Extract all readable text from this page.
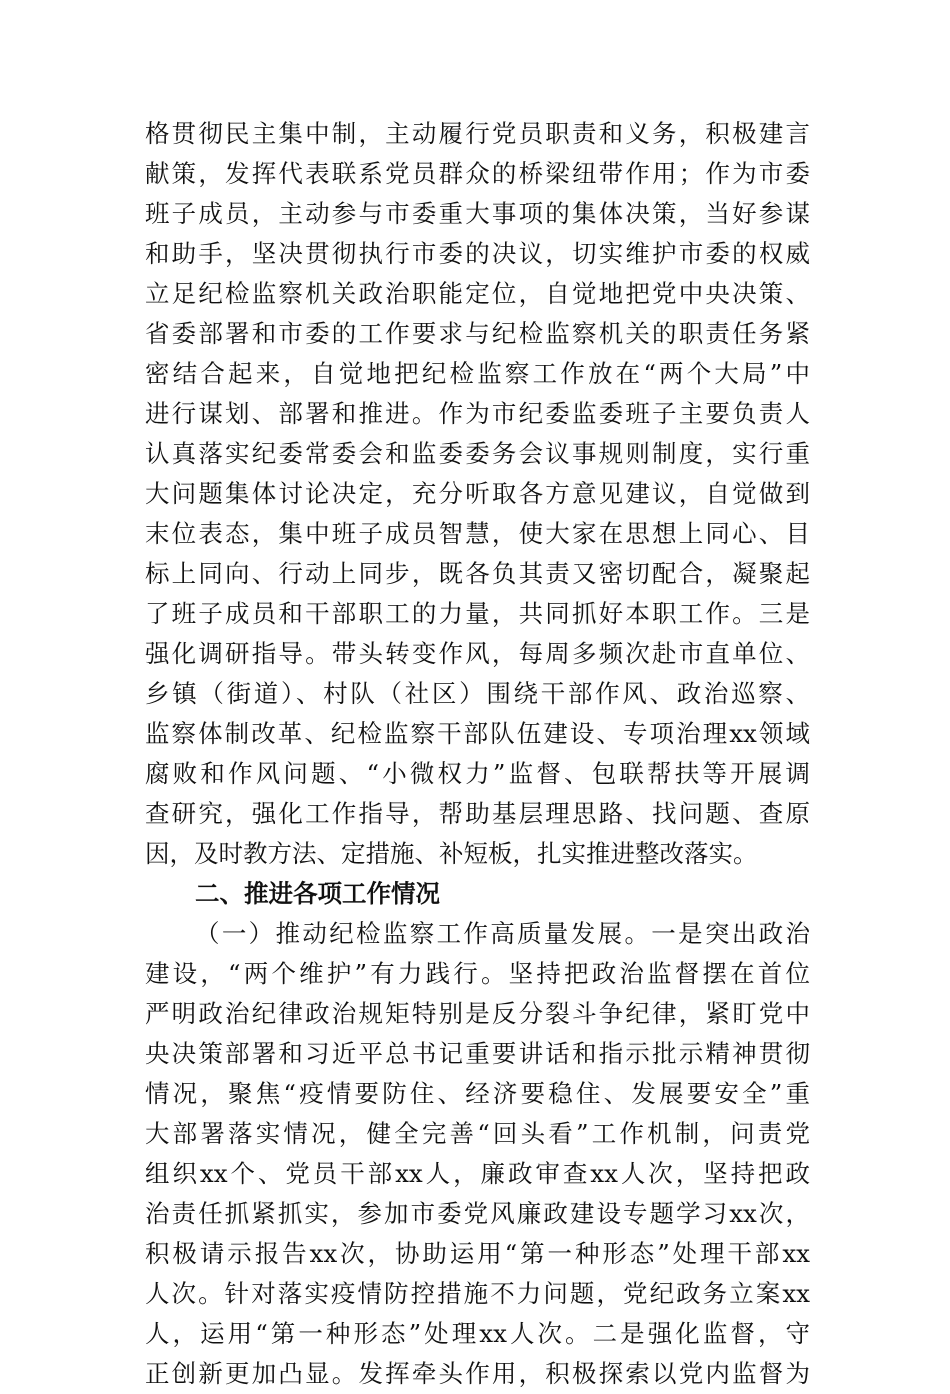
格贯彻民主集中制，主动履行党员职责和义务，积极建言
献策，发挥代表联系党员群众的桥梁纽带作用；作为市委
班子成员，主动参与市委重大事项的集体决策，当好参谋
和助手，坚决贯彻执行市委的决议，切实维护市委的权威
立足纪检监察机关政治职能定位，自觉地把党中央决策、
省委部署和市委的工作要求与纪检监察机关的职责任务紧
密结合起来，自觉地把纪检监察工作放在“两个大局”中
进行谋划、部署和推进。作为市纪委监委班子主要负责人
认真落实纪委常委会和监委委务会议事规则制度，实行重
大问题集体讨论决定，充分听取各方意见建议，自觉做到
末位表态，集中班子成员智慧，使大家在思想上同心、目
标上同向、行动上同步，既各负其责又密切配合，凝聚起
了班子成员和干部职工的力量，共同抓好本职工作。三是
强化调研指导。带头转变作风，每周多频次赴市直单位、
乡镇（街道）、村队（社区）围绕干部作风、政治巡察、
监察体制改革、纪检监察干部队伍建设、专项治理xx领域
腐败和作风问题、“小微权力”监督、包联帮扶等开展调
查研究，强化工作指导，帮助基层理思路、找问题、查原
因，及时教方法、定措施、补短板，扎实推进整改落实。
二、推进各项工作情况
（一）推动纪检监察工作高质量发展。一是突出政治
建设，“两个维护”有力践行。坚持把政治监督摆在首位
严明政治纪律政治规矩特别是反分裂斗争纪律，紧盯党中
央决策部署和习近平总书记重要讲话和指示批示精神贯彻
情况，聚焦“疫情要防住、经济要稳住、发展要安全”重
大部署落实情况，健全完善“回头看”工作机制，问责党
组织xx个、党员干部xx人，廉政审查xx人次，坚持把政
治责任抓紧抓实，参加市委党风廉政建设专题学习xx次，
积极请示报告xx次，协助运用“第一种形态”处理干部xx
人次。针对落实疫情防控措施不力问题，党纪政务立案xx
人，运用“第一种形态”处理xx人次。二是强化监督，守
正创新更加凸显。发挥牵头作用，积极探索以党内监督为
